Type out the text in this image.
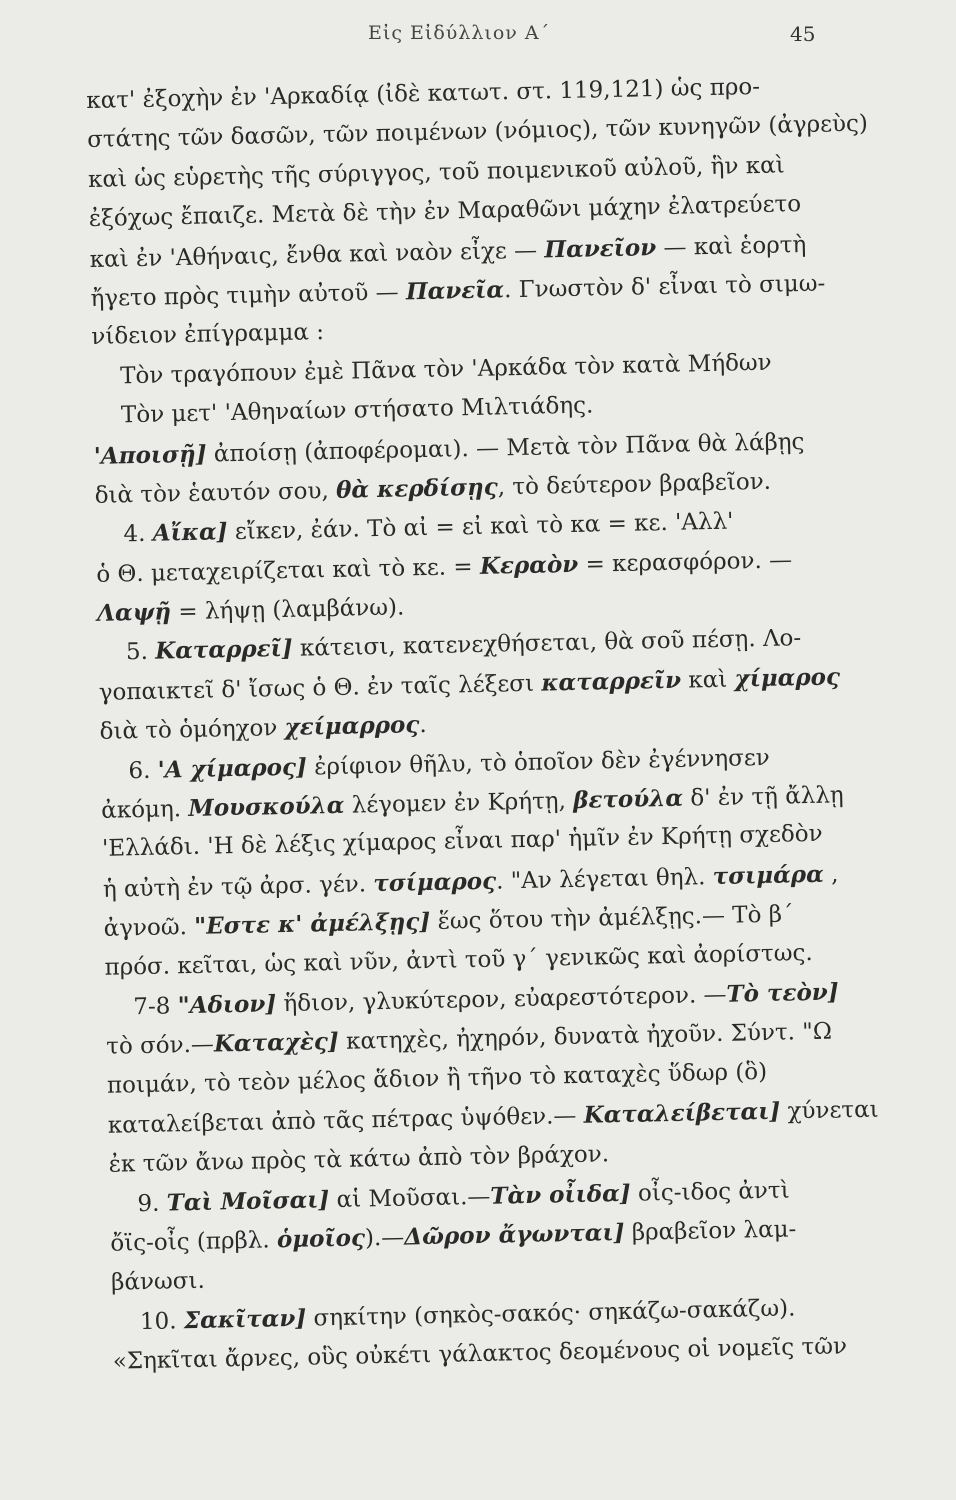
Εἰς Εἰδύλλιον Α΄	45
κατ' ἐξοχὴν ἐν 'Αρκαδίᾳ (ἰδὲ κατωτ. στ. 119,121) ὡς προ-
στάτης τῶν δασῶν, τῶν ποιμένων (νόμιος), τῶν κυνηγῶν (ἀγρεὺς)
καὶ ὡς εὑρετὴς τῆς σύριγγος, τοῦ ποιμενικοῦ αὐλοῦ, ἣν καὶ
ἐξόχως ἔπαιζε. Μετὰ δὲ τὴν ἐν Μαραθῶνι μάχην ἐλατρεύετο
καὶ ἐν 'Αθήναις, ἔνθα καὶ ναὸν εἶχε — Πανεῖον — καὶ ἑορτὴ
ἤγετο πρὸς τιμὴν αὐτοῦ — Πανεῖα. Γνωστὸν δ' εἶναι τὸ σιμω-
νίδειον ἐπίγραμμα :
Τὸν τραγόπουν ἐμὲ Πᾶνα τὸν 'Αρκάδα τὸν κατὰ Μήδων
Τὸν μετ' 'Αθηναίων στήσατο Μιλτιάδης.
'Αποισῇ] ἀποίσῃ (ἀποφέρομαι). — Μετὰ τὸν Πᾶνα θὰ λάβῃς
διὰ τὸν ἑαυτόν σου, θὰ κερδίσῃς, τὸ δεύτερον βραβεῖον.
4. Αἴκα] εἴκεν, ἐάν. Τὸ αἰ = εἰ καὶ τὸ κα = κε. 'Αλλ'
ὁ Θ. μεταχειρίζεται καὶ τὸ κε. = Κεραὸν = κερασφόρον. —
Λαψῇ = λήψῃ (λαμβάνω).
5. Καταρρεῖ] κάτεισι, κατενεχθήσεται, θὰ σοῦ πέσῃ. Λο-
γοπαικτεῖ δ' ἴσως ὁ Θ. ἐν ταῖς λέξεσι καταρρεῖν καὶ χίμαρος
διὰ τὸ ὁμόηχον χείμαρρος.
6. 'Α χίμαρος] ἐρίφιον θῆλυ, τὸ ὁποῖον δὲν ἐγέννησεν
ἀκόμη. Μουσκούλα λέγομεν ἐν Κρήτῃ, βετούλα δ' ἐν τῇ ἄλλῃ
'Ελλάδι. 'Η δὲ λέξις χίμαρος εἶναι παρ' ἡμῖν ἐν Κρήτῃ σχεδὸν
ἡ αὐτὴ ἐν τῷ ἀρσ. γέν. τσίμαρος. "Αν λέγεται θηλ. τσιμάρα ,
ἀγνοῶ. "Εστε κ' ἀμέλξῃς] ἕως ὅτου τὴν ἀμέλξῃς.— Τὸ β΄
πρόσ. κεῖται, ὡς καὶ νῦν, ἀντὶ τοῦ γ΄ γενικῶς καὶ ἀορίστως.
7-8 "Αδιον] ἥδιον, γλυκύτερον, εὐαρεστότερον. —Τὸ τεὸν]
τὸ σόν.—Καταχὲς] κατηχὲς, ἠχηρόν, δυνατὰ ἠχοῦν. Σύντ. "Ω
ποιμάν, τὸ τεὸν μέλος ἅδιον ἢ τῆνο τὸ καταχὲς ὕδωρ (ὃ)
καταλείβεται ἀπὸ τᾶς πέτρας ὑψόθεν.— Καταλείβεται] χύνεται
ἐκ τῶν ἄνω πρὸς τὰ κάτω ἀπὸ τὸν βράχον.
9. Ταὶ Μοῖσαι] αἱ Μοῦσαι.—Τὰν οἶιδα] οἶς-ιδος ἀντὶ
ὄϊς-οἶς (πρβλ. ὁμοῖος).—Δῶρον ἄγωνται] βραβεῖον λαμ-
βάνωσι.
10. Σακῖταν] σηκίτην (σηκὸς-σακός· σηκάζω-σακάζω).
«Σηκῖται ἄρνες, οὓς οὐκέτι γάλακτος δεομένους οἱ νομεῖς τῶν
